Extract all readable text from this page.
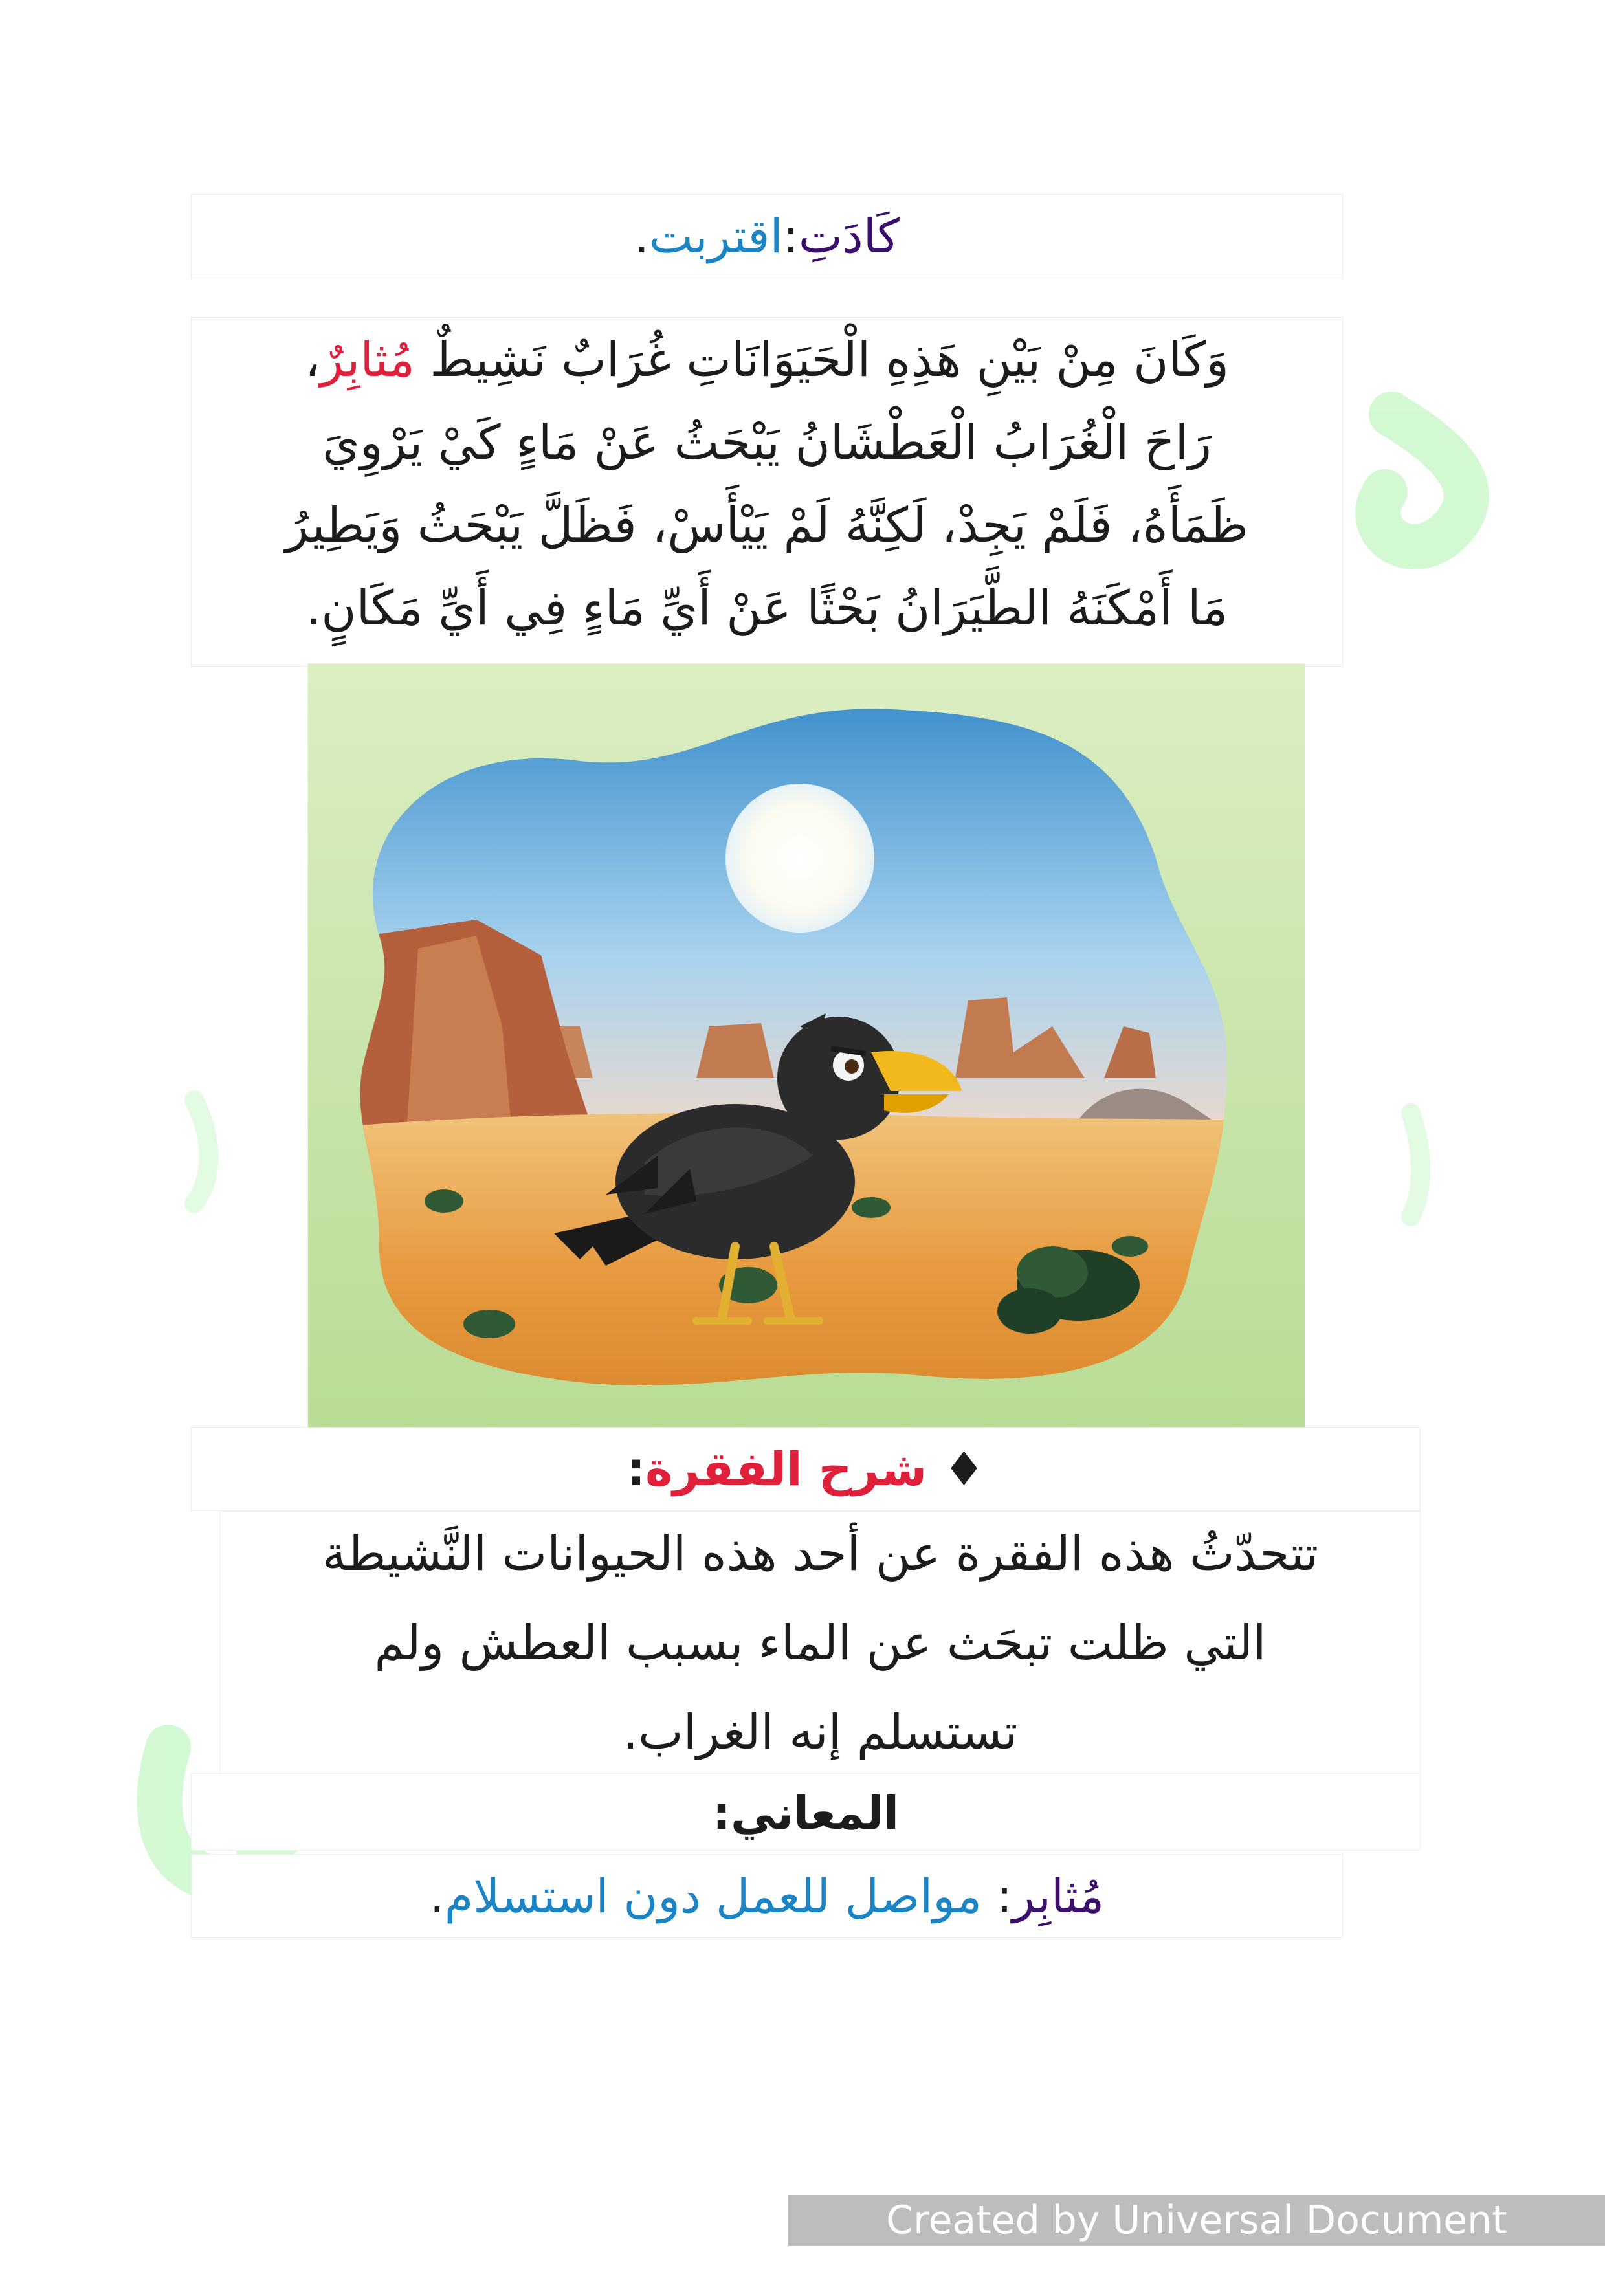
كَادَتِ:اقتربت.
وَكَانَ مِنْ بَيْنِ هَذِهِ الْحَيَوَانَاتِ غُرَابٌ نَشِيطٌ مُثابِرٌ،
رَاحَ الْغُرَابُ الْعَطْشَانُ يَبْحَثُ عَنْ مَاءٍ كَيْ يَرْوِيَ
ظَمَأَهُ، فَلَمْ يَجِدْ، لَكِنَّهُ لَمْ يَيْأَسْ، فَظَلَّ يَبْحَثُ وَيَطِيرُ
مَا أَمْكَنَهُ الطَّيَرَانُ بَحْثًا عَنْ أَيِّ مَاءٍ فِي أَيِّ مَكَانٍ.
♦ شرح الفقرة:
تتحدّثُ هذه الفقرة عن أحد هذه الحيوانات النَّشيطة
التي ظلت تبحَث عن الماء بسبب العطش ولم
تستسلم إنه الغراب.
المعاني:
مُثابِر: مواصل للعمل دون استسلام.
Created by Universal Document Converter
